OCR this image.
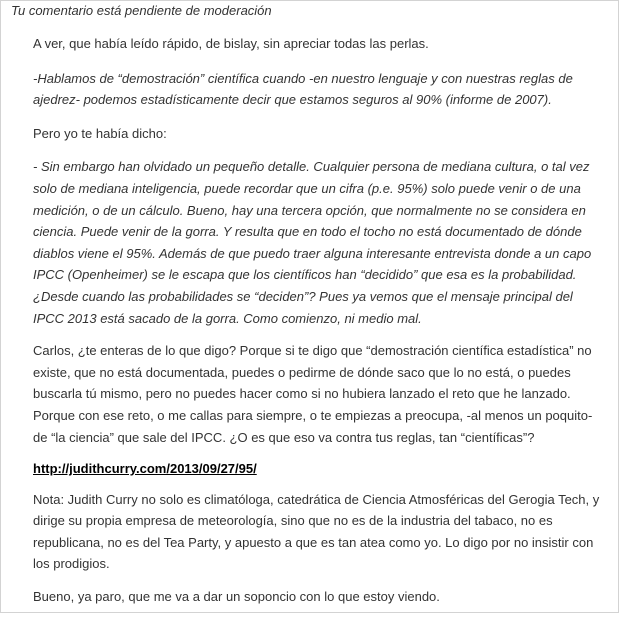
Tu comentario está pendiente de moderación

A ver, que había leído rápido, de bislay, sin apreciar todas las perlas.

-Hablamos de “demostración” científica cuando -en nuestro lenguaje y con nuestras reglas de ajedrez- podemos estadísticamente decir que estamos seguros al 90% (informe de 2007).

Pero yo te había dicho:

- Sin embargo han olvidado un pequeño detalle. Cualquier persona de mediana cultura, o tal vez solo de mediana inteligencia, puede recordar que un cifra (p.e. 95%) solo puede venir o de una medición, o de un cálculo. Bueno, hay una tercera opción, que normalmente no se considera en ciencia. Puede venir de la gorra. Y resulta que en todo el tocho no está documentado de dónde diablos viene el 95%. Además de que puedo traer alguna interesante entrevista donde a un capo IPCC (Openheimer) se le escapa que los científicos han “decidido” que esa es la probabilidad. ¿Desde cuando las probabilidades se “deciden”? Pues ya vemos que el mensaje principal del IPCC 2013 está sacado de la gorra. Como comienzo, ni medio mal.

Carlos, ¿te enteras de lo que digo? Porque si te digo que “demostración científica estadística” no existe, que no está documentada, puedes o pedirme de dónde saco que lo no está, o puedes buscarla tú mismo, pero no puedes hacer como si no hubiera lanzado el reto que he lanzado. Porque con ese reto, o me callas para siempre, o te empiezas a preocupa, -al menos un poquito- de “la ciencia” que sale del IPCC. ¿O es que eso va contra tus reglas, tan “científicas”?

http://judithcurry.com/2013/09/27/95/

Nota: Judith Curry no solo es climatóloga, catedrática de Ciencia Atmosféricas del Gerogia Tech, y dirige su propia empresa de meteorología, sino que no es de la industria del tabaco, no es republicana, no es del Tea Party, y apuesto a que es tan atea como yo. Lo digo por no insistir con los prodigios.

Bueno, ya paro, que me va a dar un soponcio con lo que estoy viendo.
